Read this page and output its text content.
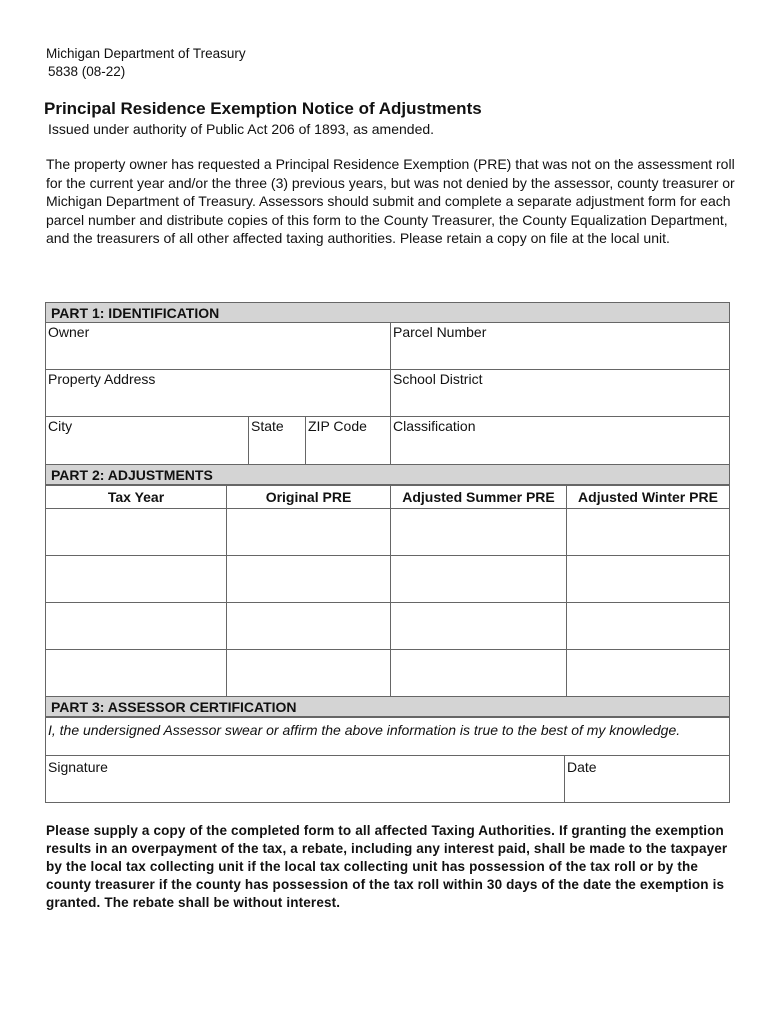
Michigan Department of Treasury
5838 (08-22)
Principal Residence Exemption Notice of Adjustments
Issued under authority of Public Act 206 of 1893, as amended.
The property owner has requested a Principal Residence Exemption (PRE) that was not on the assessment roll for the current year and/or the three (3) previous years, but was not denied by the assessor, county treasurer or Michigan Department of Treasury. Assessors should submit and complete a separate adjustment form for each parcel number and distribute copies of this form to the County Treasurer, the County Equalization Department, and the treasurers of all other affected taxing authorities. Please retain a copy on file at the local unit.
PART 1: IDENTIFICATION
Owner	Parcel Number
Property Address	School District
City	State	ZIP Code	Classification
PART 2: ADJUSTMENTS
Tax Year	Original PRE	Adjusted Summer PRE	Adjusted Winter PRE
PART 3: ASSESSOR CERTIFICATION
I, the undersigned Assessor swear or affirm the above information is true to the best of my knowledge.
Signature	Date
Please supply a copy of the completed form to all affected Taxing Authorities. If granting the exemption results in an overpayment of the tax, a rebate, including any interest paid, shall be made to the taxpayer by the local tax collecting unit if the local tax collecting unit has possession of the tax roll or by the county treasurer if the county has possession of the tax roll within 30 days of the date the exemption is granted. The rebate shall be without interest.
